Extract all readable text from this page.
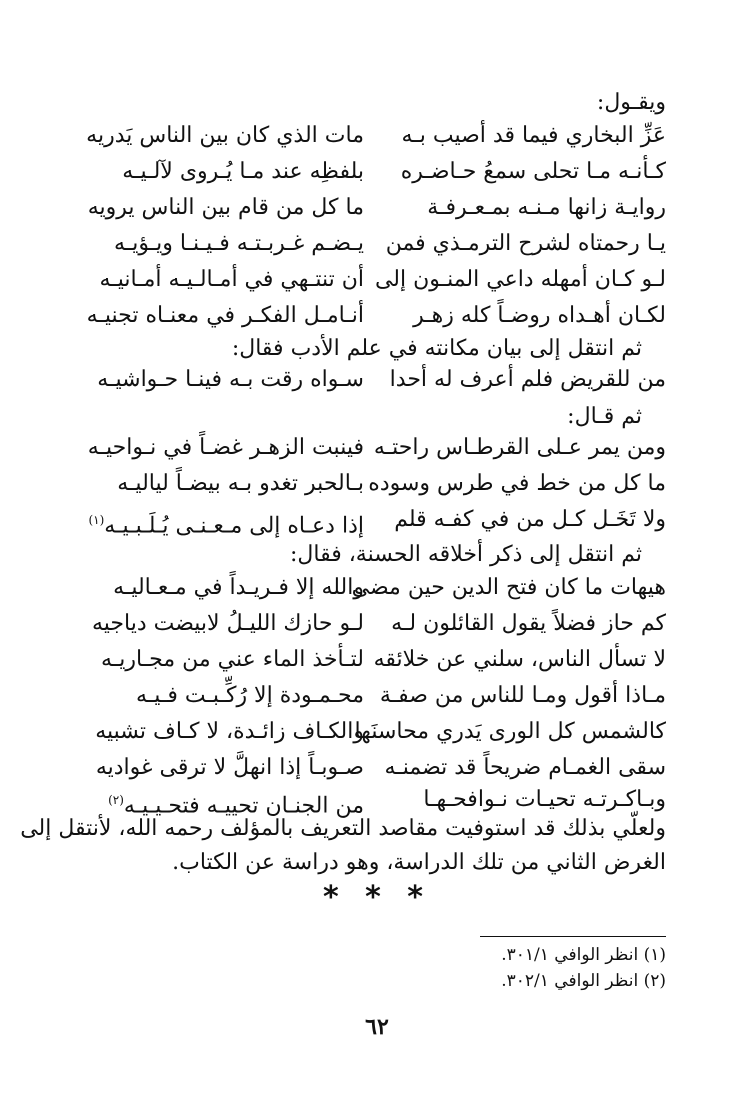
ويقـول:
عَزِّ البخاري فيما قد أصيب بـه
مات الذي كان بين الناس يَدريه
كـأنـه مـا تحلى سمعُ حـاضـره
بلفظِه عند مـا يُـروى لآلـيـه
روايـة زانها مـنـه بمـعـرفـة
ما كل من قام بين الناس يرويه
يـا رحمتاه لشرح الترمـذي فمن
يـضـم غـربـتـه فـيـنـا ويـؤيـه
لـو كـان أمهله داعي المنـون إلى
أن تنتـهي في أمـالـيـه أمـانيـه
لكـان أهـداه روضـاً كله زهـر
أنـامـل الفكـر في معنـاه تجنيـه
ثم انتقل إلى بيان مكانته في علم الأدب فقال:
من للقريض فلم أعرف له أحدا
سـواه رقت بـه فينـا حـواشيـه
ثم قـال:
ومن يمر عـلى القرطـاس راحتـه
فينبت الزهـر غضـاً في نـواحيـه
ما كل من خط في طرس وسوده
بـالحبر تغدو بـه بيضـاً لياليـه
ولا تَخَـل كـل من في كفـه قلم
إذا دعـاه إلى مـعـنـى يُـلَـبـيـه$^{(١)}$
ثم انتقل إلى ذكر أخلاقه الحسنة، فقال:
هيهات ما كان فتح الدين حين مضى
والله إلا فـريـداً في مـعـاليـه
كم حاز فضلاً يقول القائلون لـه
لـو حازك الليـلُ لابيضت دياجيه
لا تسأل الناس، سلني عن خلائقه
لتـأخذ الماء عني من مجـاريـه
مـاذا أقول ومـا للناس من صفـة
محـمـودة إلا رُكِّـبـت فـيـه
كالشمس كل الورى يَدري محاسنَها
والكـاف زائـدة، لا كـاف تشبيه
سقى الغمـام ضريحاً قد تضمنـه
صـوبـاً إذا انهلَّ لا ترقى غواديه
وبـاكـرتـه تحيـات نـوافحـهـا
من الجنـان تحييـه فتحـيـيـه$^{(٢)}$
ولعلّي بذلك قد استوفيت مقاصد التعريف بالمؤلف رحمه الله، لأنتقل إلى
الغرض الثاني من تلك الدراسة، وهو دراسة عن الكتاب.
* * *
(١) انظر الوافي ٣٠١/١.
(٢) انظر الوافي ٣٠٢/١.
٦٢
